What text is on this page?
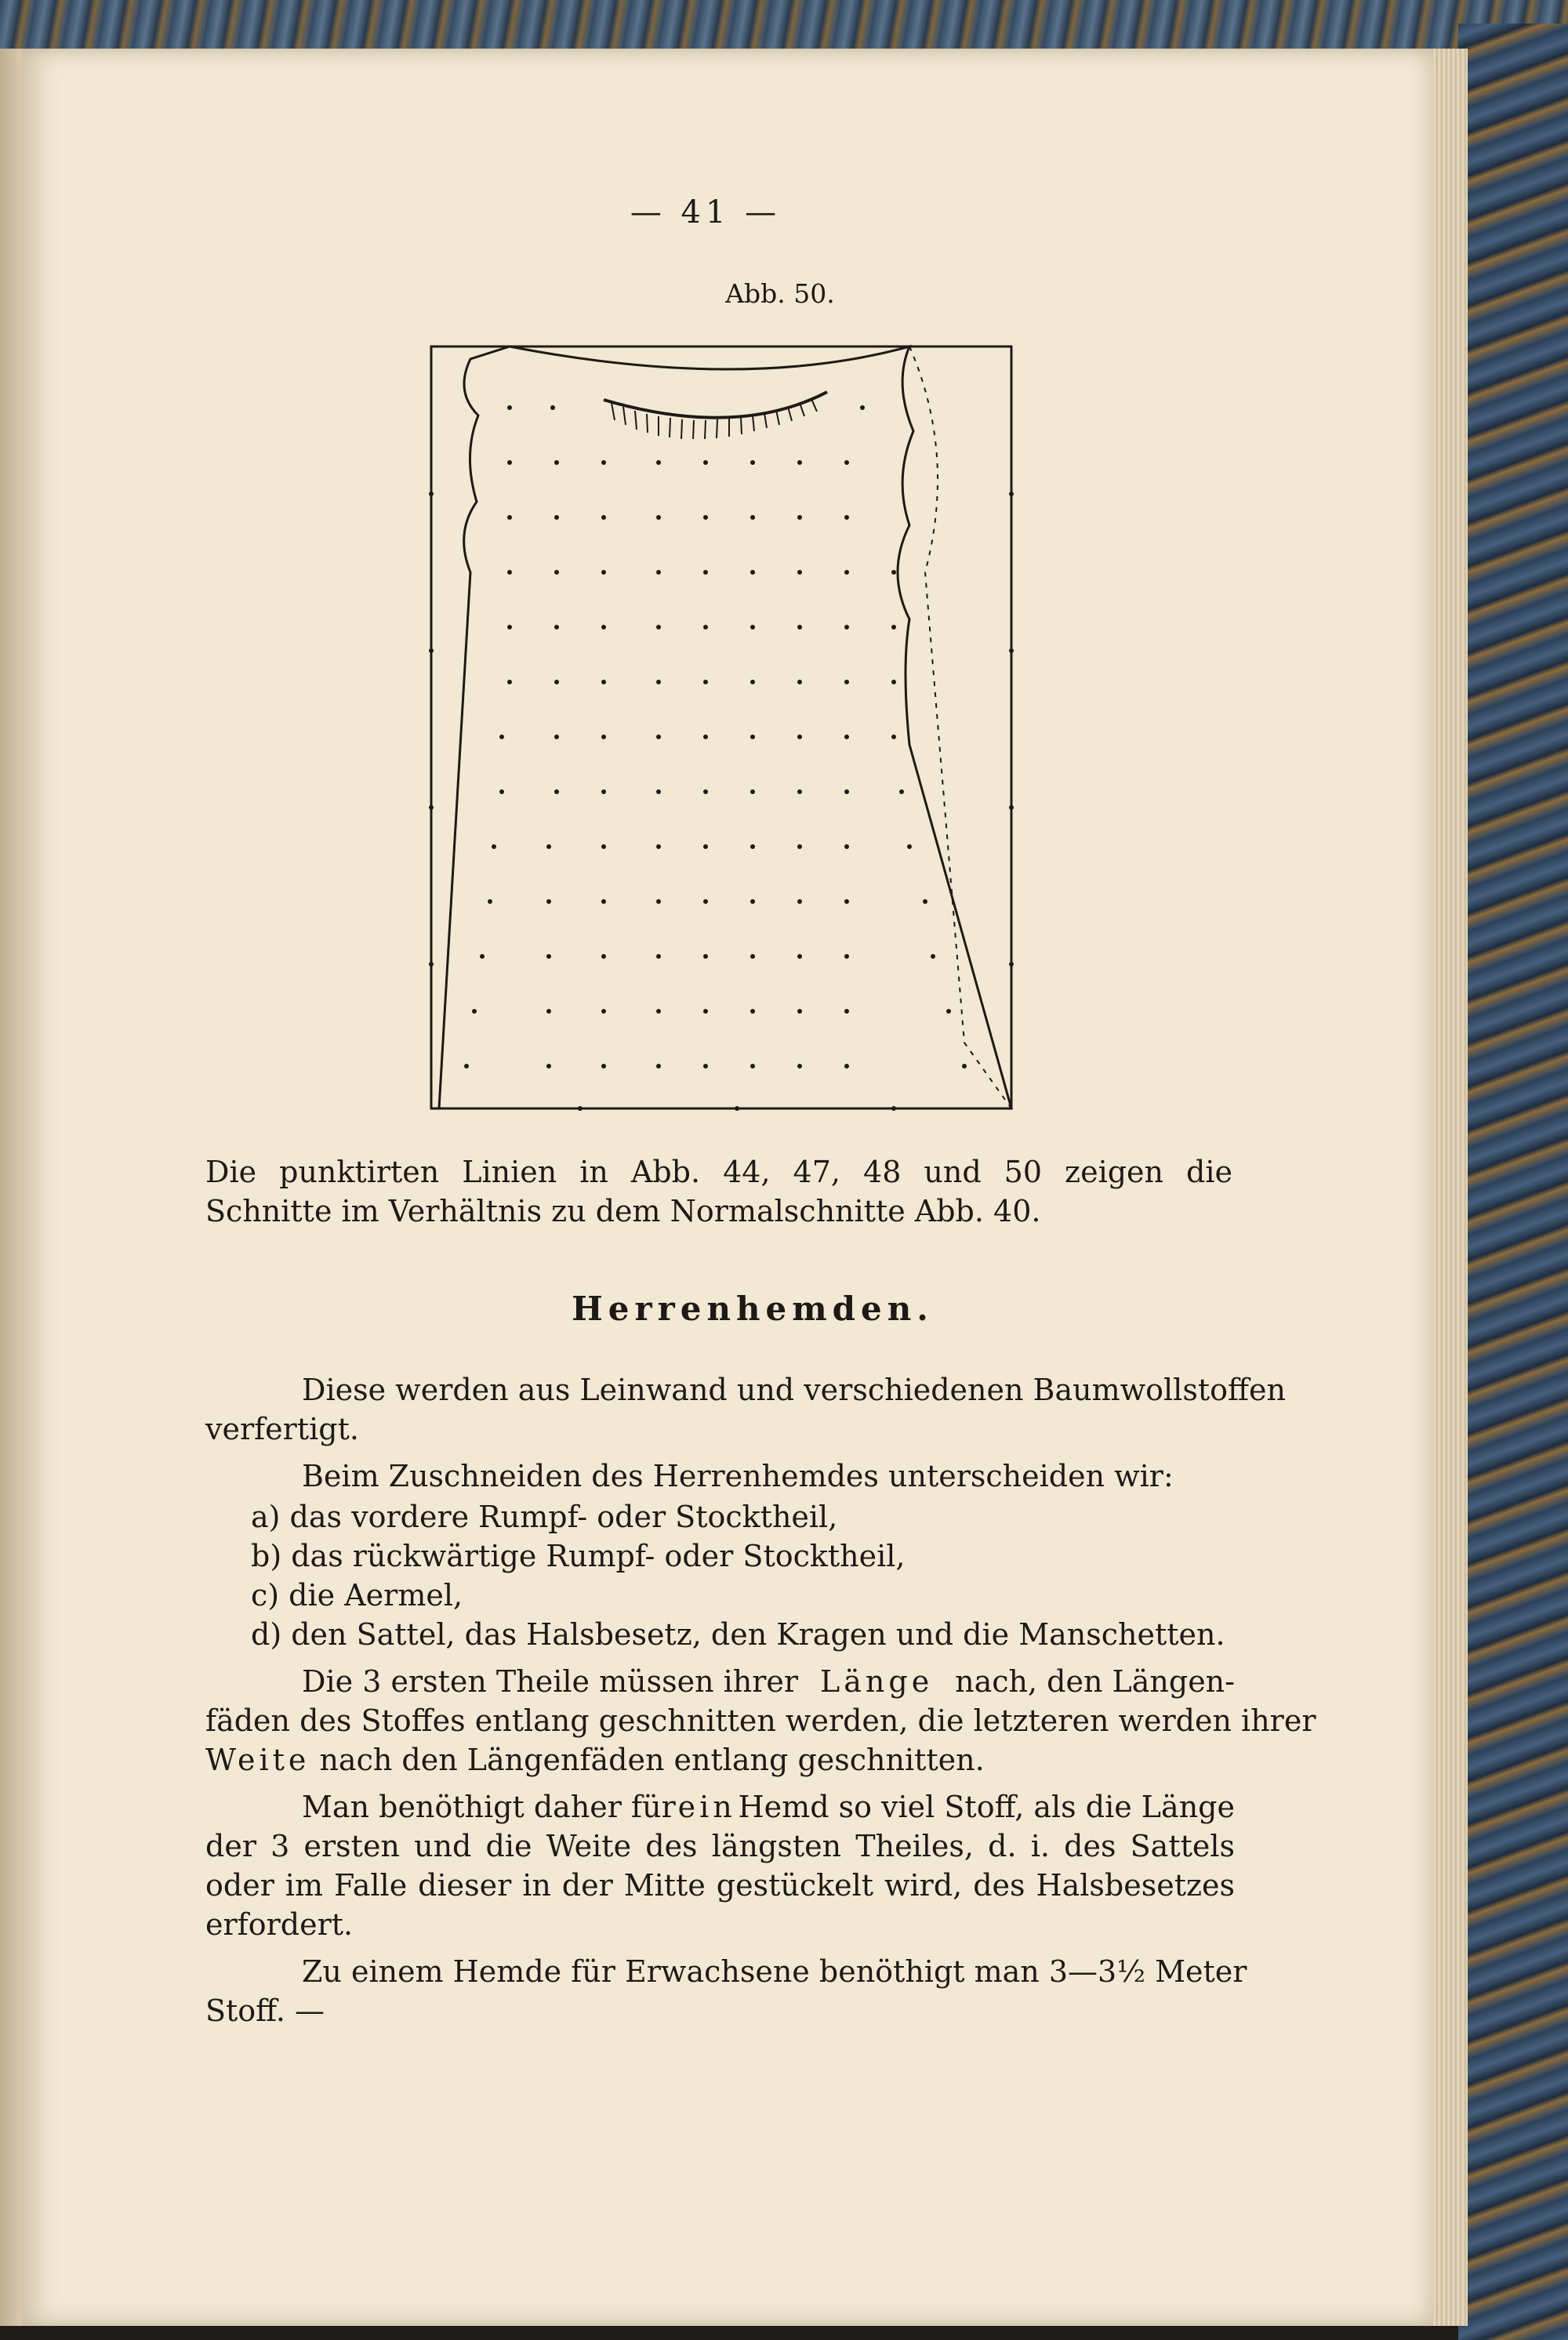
— 41 —
Abb. 50.
Die punktirten Linien in Abb. 44, 47, 48 und 50 zeigen die
Schnitte im Verhältnis zu dem Normalschnitte Abb. 40.
Herrenhemden.
Diese werden aus Leinwand und verschiedenen Baumwollstoffen
verfertigt.
Beim Zuschneiden des Herrenhemdes unterscheiden wir:
a) das vordere Rumpf- oder Stocktheil,
b) das rückwärtige Rumpf- oder Stocktheil,
c) die Aermel,
d) den Sattel, das Halsbesetz, den Kragen und die Manschetten.
Die 3 ersten Theile müssen ihrer Länge nach, den Längen-
fäden des Stoffes entlang geschnitten werden, die letzteren werden ihrer
Weite nach den Längenfäden entlang geschnitten.
Man benöthigt daher für ein Hemd so viel Stoff, als die Länge
der 3 ersten und die Weite des längsten Theiles, d. i. des Sattels
oder im Falle dieser in der Mitte gestückelt wird, des Halsbesetzes
erfordert.
Zu einem Hemde für Erwachsene benöthigt man 3—3½ Meter
Stoff. —
